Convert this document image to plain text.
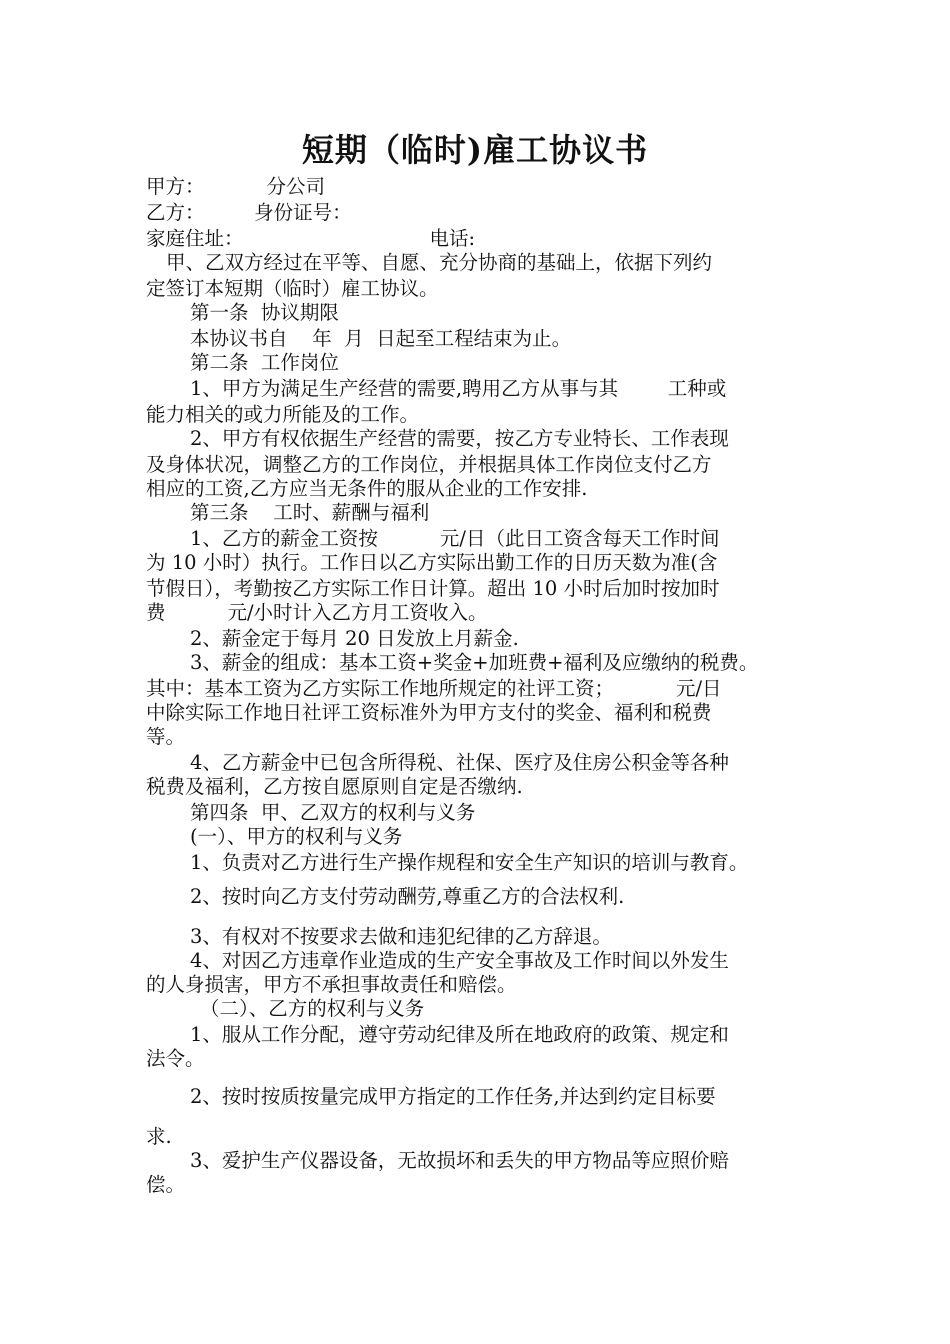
短期（临时)雇工协议书
甲方：          分公司
乙方：        身份证号：
家庭住址：                              电话:
甲、乙双方经过在平等、自愿、充分协商的基础上，依据下列约
定签订本短期（临时）雇工协议。
第一条  协议期限
本协议书自    年  月  日起至工程结束为止。
第二条  工作岗位
1、甲方为满足生产经营的需要,聘用乙方从事与其        工种或
能力相关的或力所能及的工作。
2、甲方有权依据生产经营的需要，按乙方专业特长、工作表现
及身体状况，调整乙方的工作岗位，并根据具体工作岗位支付乙方
相应的工资,乙方应当无条件的服从企业的工作安排.
第三条    工时、薪酬与福利
1、乙方的薪金工资按          元/日（此日工资含每天工作时间
为 10 小时）执行。工作日以乙方实际出勤工作的日历天数为准(含
节假日），考勤按乙方实际工作日计算。超出 10 小时后加时按加时
费          元/小时计入乙方月工资收入。
2、薪金定于每月 20 日发放上月薪金.
3、薪金的组成：基本工资+奖金+加班费+福利及应缴纳的税费。
其中：基本工资为乙方实际工作地所规定的社评工资；          元/日
中除实际工作地日社评工资标准外为甲方支付的奖金、福利和税费
等。
4、乙方薪金中已包含所得税、社保、医疗及住房公积金等各种
税费及福利，乙方按自愿原则自定是否缴纳.
第四条  甲、乙双方的权利与义务
(一）、甲方的权利与义务
1、负责对乙方进行生产操作规程和安全生产知识的培训与教育。
2、按时向乙方支付劳动酬劳,尊重乙方的合法权利.
3、有权对不按要求去做和违犯纪律的乙方辞退。
4、对因乙方违章作业造成的生产安全事故及工作时间以外发生
的人身损害，甲方不承担事故责任和赔偿。
（二）、乙方的权利与义务
1、服从工作分配，遵守劳动纪律及所在地政府的政策、规定和
法令。
2、按时按质按量完成甲方指定的工作任务,并达到约定目标要
求.
3、爱护生产仪器设备，无故损坏和丢失的甲方物品等应照价赔
偿。
